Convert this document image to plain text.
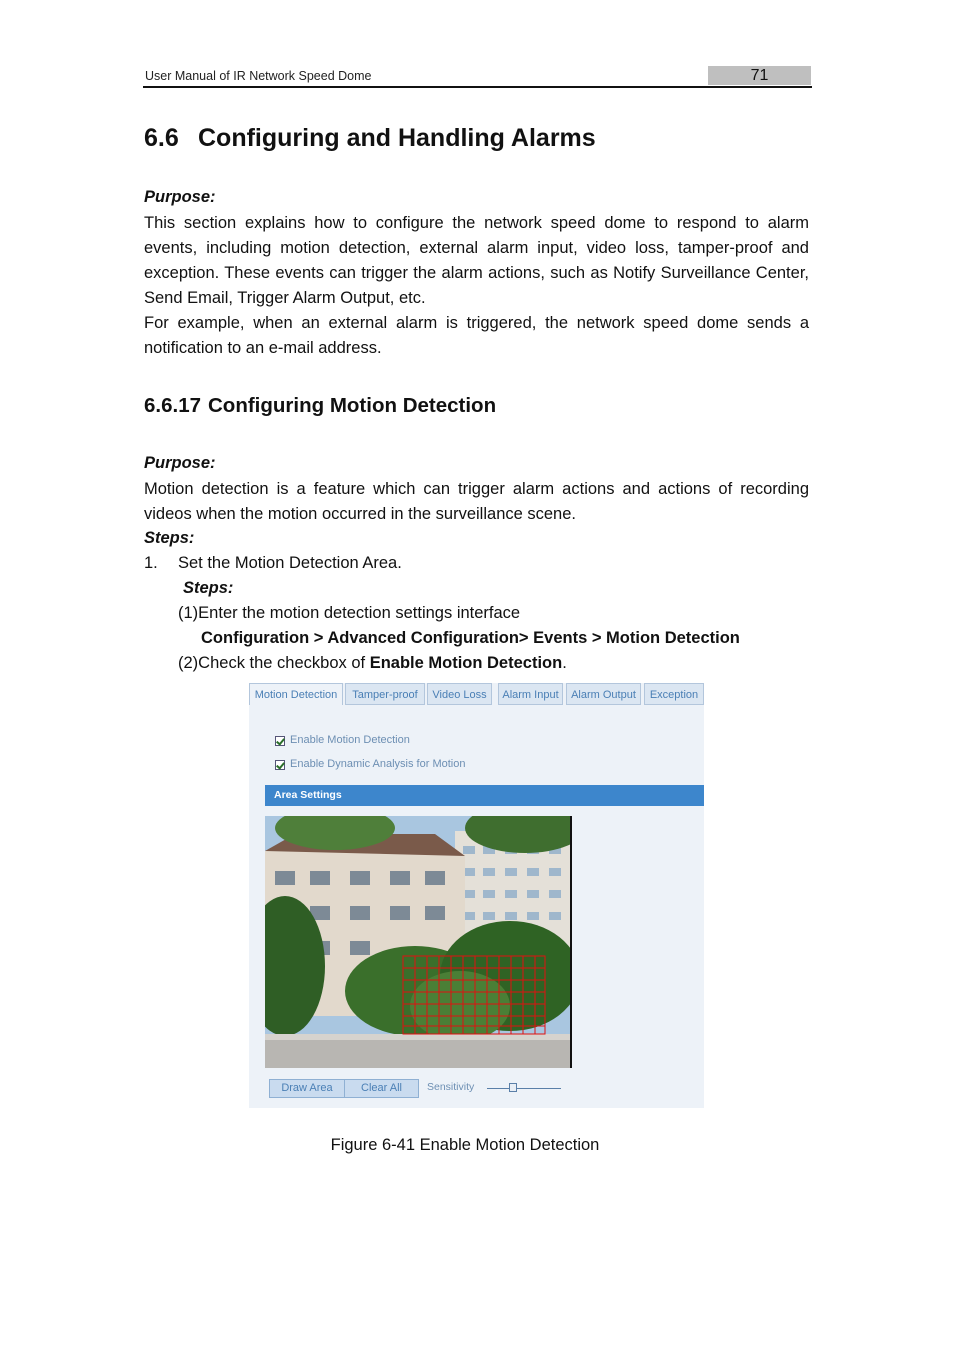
User Manual of IR Network Speed Dome	71
6.6 Configuring and Handling Alarms
Purpose:
This section explains how to configure the network speed dome to respond to alarm events, including motion detection, external alarm input, video loss, tamper-proof and exception. These events can trigger the alarm actions, such as Notify Surveillance Center, Send Email, Trigger Alarm Output, etc.
For example, when an external alarm is triggered, the network speed dome sends a notification to an e-mail address.
6.6.17 Configuring Motion Detection
Purpose:
Motion detection is a feature which can trigger alarm actions and actions of recording videos when the motion occurred in the surveillance scene.
Steps:
1. Set the Motion Detection Area.
Steps:
(1)Enter the motion detection settings interface
Configuration > Advanced Configuration> Events > Motion Detection
(2)Check the checkbox of Enable Motion Detection.
Motion Detection	Tamper-proof	Video Loss	Alarm Input	Alarm Output	Exception
Enable Motion Detection
Enable Dynamic Analysis for Motion
Area Settings
Draw Area	Clear All	Sensitivity
Figure 6-41 Enable Motion Detection
